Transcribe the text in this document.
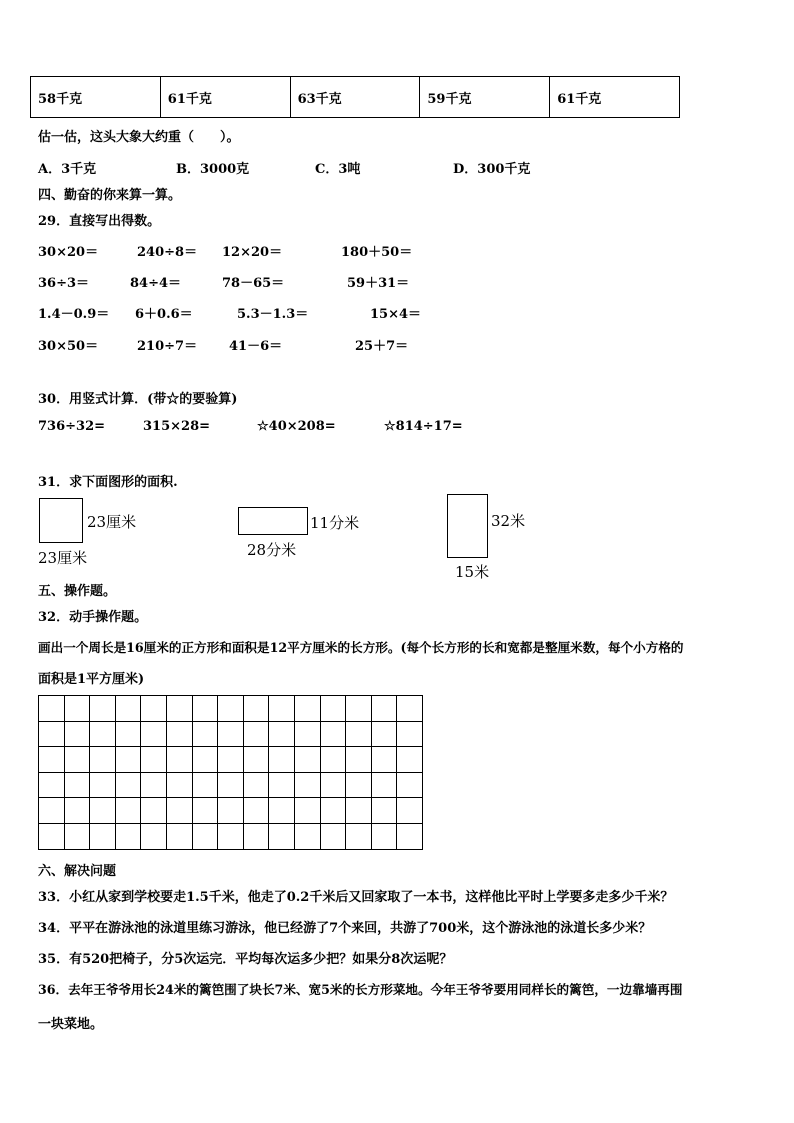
58千克	61千克	63千克	59千克	61千克
估一估，这头大象大约重（　　）。
A．3千克	B．3000克	C．3吨	D．300千克
四、勤奋的你来算一算。
29．直接写出得数。
30×20＝	240÷8＝ 12×20＝	180＋50＝
36÷3＝	84÷4＝	78－65＝	59＋31＝
1.4－0.9＝ 6＋0.6＝	5.3－1.3＝	15×4＝
30×50＝	210÷7＝ 41－6＝	25＋7＝
30．用竖式计算．(带☆的要验算)
736÷32=	315×28=	☆40×208=	☆814÷17=
31．求下面图形的面积.
23厘米
23厘米
11分米
28分米
32米
15米
五、操作题。
32．动手操作题。
画出一个周长是16厘米的正方形和面积是12平方厘米的长方形。(每个长方形的长和宽都是整厘米数，每个小方格的
面积是1平方厘米)

六、解决问题
33．小红从家到学校要走1.5千米，他走了0.2千米后又回家取了一本书，这样他比平时上学要多走多少千米？
34．平平在游泳池的泳道里练习游泳，他已经游了7个来回，共游了700米，这个游泳池的泳道长多少米？
35．有520把椅子，分5次运完．平均每次运多少把？如果分8次运呢？
36．去年王爷爷用长24米的篱笆围了块长7米、宽5米的长方形菜地。今年王爷爷要用同样长的篱笆，一边靠墙再围
一块菜地。
